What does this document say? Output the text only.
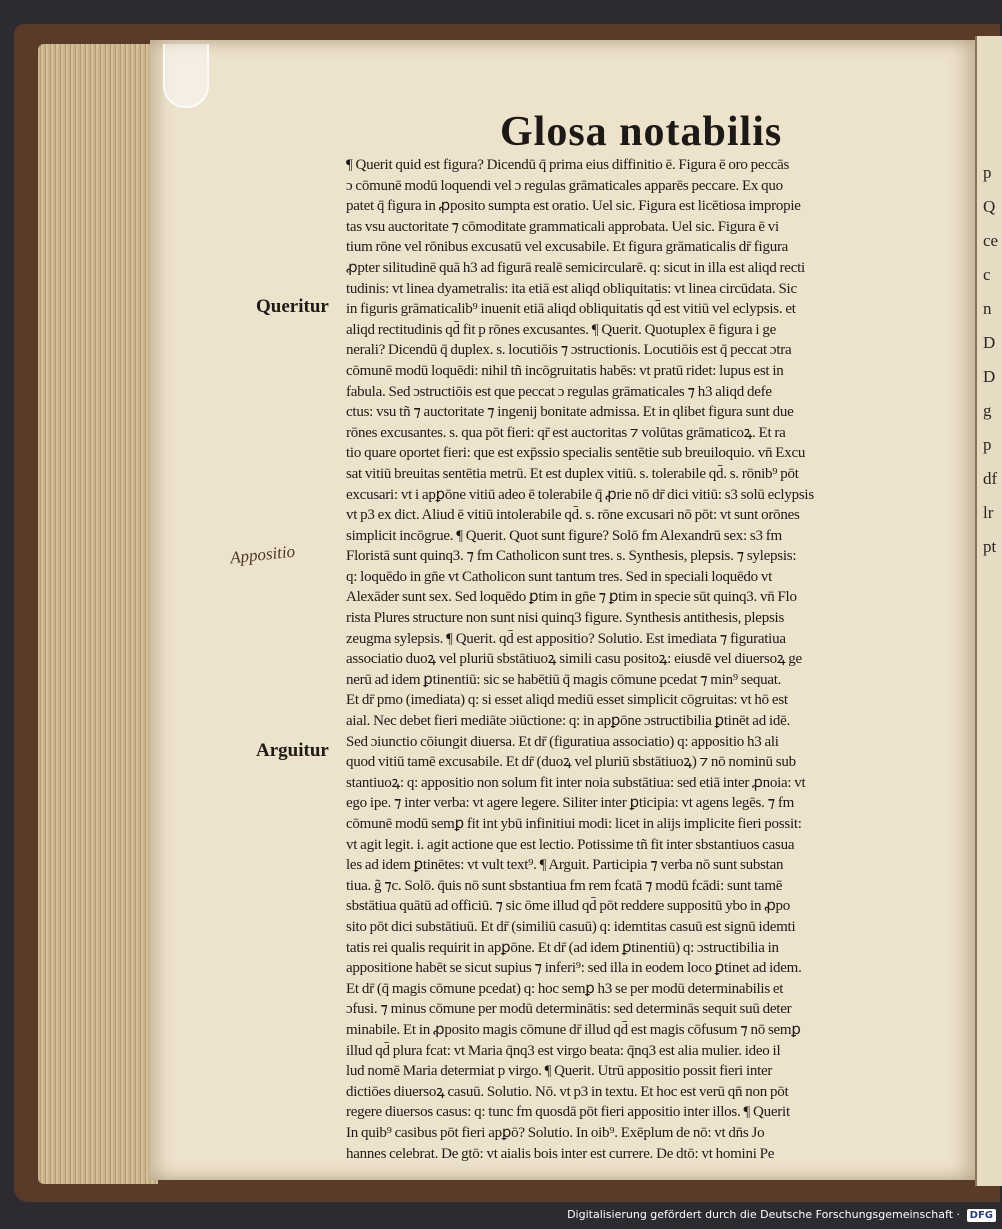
pQcecnDDgpdflrpt
Glosa notabilis
Queritur
Appositio
Arguitur
¶ Querit quid est figura? Dicendū q̄ prima eius diffinitio ē. Figura ē oro peccās
ɔ cōmunē modū loquendi vel ɔ regulas grāmaticales apparēs peccare. Ex quo
patet q̄ figura in ꝓposito sumpta est oratio. Uel sic. Figura est licētiosa impropie
tas vsu auctoritate ⁊ cōmoditate grammaticali approbata. Uel sic. Figura ē vi
tium rōne vel rōnibus excusatū vel excusabile. Et figura grāmaticalis dr̄ figura
ꝓpter silitudinē quā h3 ad figurā realē semicircularē. q: sicut in illa est aliqd recti
tudinis: vt linea dyametralis: ita etiā est aliqd obliquitatis: vt linea circūdata. Sic
in figuris grāmaticalib⁹ inuenit etiā aliqd obliquitatis qd̄ est vitiū vel eclypsis. et
aliqd rectitudinis qd̄ fit p rōnes excusantes. ¶ Querit. Quotuplex ē figura i ge
nerali? Dicendū q̄ duplex. s. locutiōis ⁊ ɔstructionis. Locutiōis est q̄ peccat ɔtra
cōmunē modū loquēdi: nihil tñ incōgruitatis habēs: vt pratū ridet: lupus est in
fabula. Sed ɔstructiōis est que peccat ɔ regulas grāmaticales ⁊ h3 aliqd defe
ctus: vsu tñ ⁊ auctoritate ⁊ ingenij bonitate admissa. Et in qlibet figura sunt due
rōnes excusantes. s. qua pōt fieri: qr̄ est auctoritas ⁊ volūtas grāmaticoꝝ. Et ra
tio quare oportet fieri: que est exp̄ssio specialis sentētie sub breuiloquio. vn̄ Excu
sat vitiū breuitas sentētia metrū. Et est duplex vitiū. s. tolerabile qd̄. s. rōnib⁹ pōt
excusari: vt i apꝑōne vitiū adeo ē tolerabile q̄ ꝓrie nō dr̄ dici vitiū: s3 solū eclypsis
vt p3 ex dict. Aliud ē vitiū intolerabile qd̄. s. rōne excusari nō pōt: vt sunt orōnes
simplicit incōgrue. ¶ Querit. Quot sunt figure? Solō fm Alexandrū sex: s3 fm
Floristā sunt quinq3. ⁊ fm Catholicon sunt tres. s. Synthesis, plepsis. ⁊ sylepsis:
q: loquēdo in gn̄e vt Catholicon sunt tantum tres. Sed in speciali loquēdo vt
Alexāder sunt sex. Sed loquēdo ꝑtim in gn̄e ⁊ ꝑtim in specie sūt quinq3. vn̄ Flo
rista Plures structure non sunt nisi quinq3 figure. Synthesis antithesis, plepsis
zeugma sylepsis. ¶ Querit. qd̄ est appositio? Solutio. Est imediata ⁊ figuratiua
associatio duoꝝ vel pluriū sbstātiuoꝝ simili casu positoꝝ: eiusdē vel diuersoꝝ ge
nerū ad idem ꝑtinentiū: sic se habētiū q̄ magis cōmune pcedat ⁊ min⁹ sequat.
Et dr̄ pmo (imediata) q: si esset aliqd mediū esset simplicit cōgruitas: vt hō est
aial. Nec debet fieri mediāte ɔiūctione: q: in apꝑōne ɔstructibilia ꝑtinēt ad idē.
Sed ɔiunctio cōiungit diuersa. Et dr̄ (figuratiua associatio) q: appositio h3 ali
quod vitiū tamē excusabile. Et dr̄ (duoꝝ vel pluriū sbstātiuoꝝ) ⁊ nō nominū sub
stantiuoꝝ: q: appositio non solum fit inter noia substātiua: sed etiā inter ꝓnoia: vt
ego ipe. ⁊ inter verba: vt agere legere. Siliter inter ꝑticipia: vt agens legēs. ⁊ fm
cōmunē modū semꝑ fit int ybū infinitiui modi: licet in alijs implicite fieri possit:
vt agit legit. i. agit actione que est lectio. Potissime tñ fit inter sbstantiuos casua
les ad idem ꝑtinētes: vt vult text⁹. ¶ Arguit. Participia ⁊ verba nō sunt substan
tiua. g̃ ⁊c. Solō. q̄uis nō sunt sbstantiua fm rem fcatā ⁊ modū fcādi: sunt tamē
sbstātiua quātū ad officiū. ⁊ sic ōme illud qd̄ pōt reddere suppositū ybo in ꝓpo
sito pōt dici substātiuū. Et dr̄ (similiū casuū) q: idemtitas casuū est signū idemti
tatis rei qualis requirit in apꝑōne. Et dr̄ (ad idem ꝑtinentiū) q: ɔstructibilia in
appositione habēt se sicut supius ⁊ inferi⁹: sed illa in eodem loco ꝑtinet ad idem.
Et dr̄ (q̄ magis cōmune pcedat) q: hoc semꝑ h3 se per modū determinabilis et
ɔfusi. ⁊ minus cōmune per modū determinātis: sed determinās sequit suū deter
minabile. Et in ꝓposito magis cōmune dr̄ illud qd̄ est magis cōfusum ⁊ nō semꝑ
illud qd̄ plura fcat: vt Maria q̄nq3 est virgo beata: q̄nq3 est alia mulier. ideo il
lud nomē Maria determiat p virgo. ¶ Querit. Utrū appositio possit fieri inter
dictiōes diuersoꝝ casuū. Solutio. Nō. vt p3 in textu. Et hoc est verū qn̄ non pōt
regere diuersos casus: q: tunc fm quosdā pōt fieri appositio inter illos. ¶ Querit
In quib⁹ casibus pōt fieri apꝑō? Solutio. In oib⁹. Exēplum de nō: vt dn̄s Jo
hannes celebrat. De gtō: vt aialis bois inter est currere. De dtō: vt homini Pe
Digitalisierung gefördert durch die Deutsche Forschungsgemeinschaft · DFG
